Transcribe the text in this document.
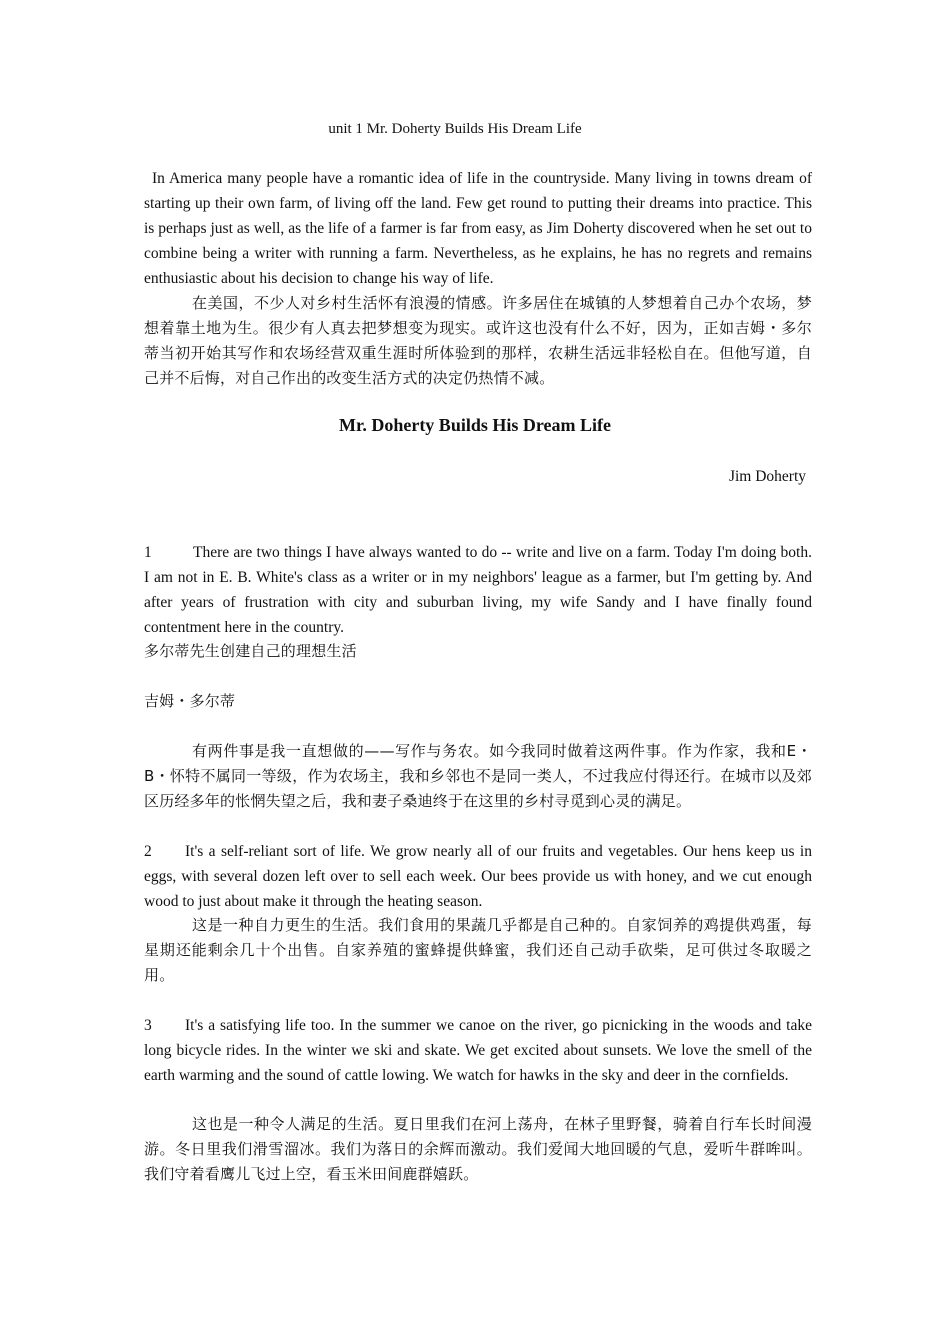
unit 1 Mr. Doherty Builds His Dream Life
In America many people have a romantic idea of life in the countryside. Many living in towns dream of starting up their own farm, of living off the land. Few get round to putting their dreams into practice. This is perhaps just as well, as the life of a farmer is far from easy, as Jim Doherty discovered when he set out to combine being a writer with running a farm. Nevertheless, as he explains, he has no regrets and remains enthusiastic about his decision to change his way of life.
在美国，不少人对乡村生活怀有浪漫的情感。许多居住在城镇的人梦想着自己办个农场，梦想着靠土地为生。很少有人真去把梦想变为现实。或许这也没有什么不好，因为，正如吉姆・多尔蒂当初开始其写作和农场经营双重生涯时所体验到的那样，农耕生活远非轻松自在。但他写道，自己并不后悔，对自己作出的改变生活方式的决定仍热情不减。
Mr. Doherty Builds His Dream Life
Jim Doherty
1	There are two things I have always wanted to do -- write and live on a farm. Today I'm doing both. I am not in E. B. White's class as a writer or in my neighbors' league as a farmer, but I'm getting by. And after years of frustration with city and suburban living, my wife Sandy and I have finally found contentment here in the country.
多尔蒂先生创建自己的理想生活
吉姆・多尔蒂
有两件事是我一直想做的——写作与务农。如今我同时做着这两件事。作为作家，我和E・B・怀特不属同一等级，作为农场主，我和乡邻也不是同一类人，不过我应付得还行。在城市以及郊区历经多年的怅惘失望之后，我和妻子桑迪终于在这里的乡村寻觅到心灵的满足。
2 It's a self-reliant sort of life. We grow nearly all of our fruits and vegetables. Our hens keep us in eggs, with several dozen left over to sell each week. Our bees provide us with honey, and we cut enough wood to just about make it through the heating season.
这是一种自力更生的生活。我们食用的果蔬几乎都是自己种的。自家饲养的鸡提供鸡蛋，每星期还能剩余几十个出售。自家养殖的蜜蜂提供蜂蜜，我们还自己动手砍柴，足可供过冬取暖之用。
3 It's a satisfying life too. In the summer we canoe on the river, go picnicking in the woods and take long bicycle rides. In the winter we ski and skate. We get excited about sunsets. We love the smell of the earth warming and the sound of cattle lowing. We watch for hawks in the sky and deer in the cornfields.
这也是一种令人满足的生活。夏日里我们在河上荡舟，在林子里野餐，骑着自行车长时间漫游。冬日里我们滑雪溜冰。我们为落日的余辉而激动。我们爱闻大地回暖的气息，爱听牛群哞叫。我们守着看鹰儿飞过上空，看玉米田间鹿群嬉跃。
